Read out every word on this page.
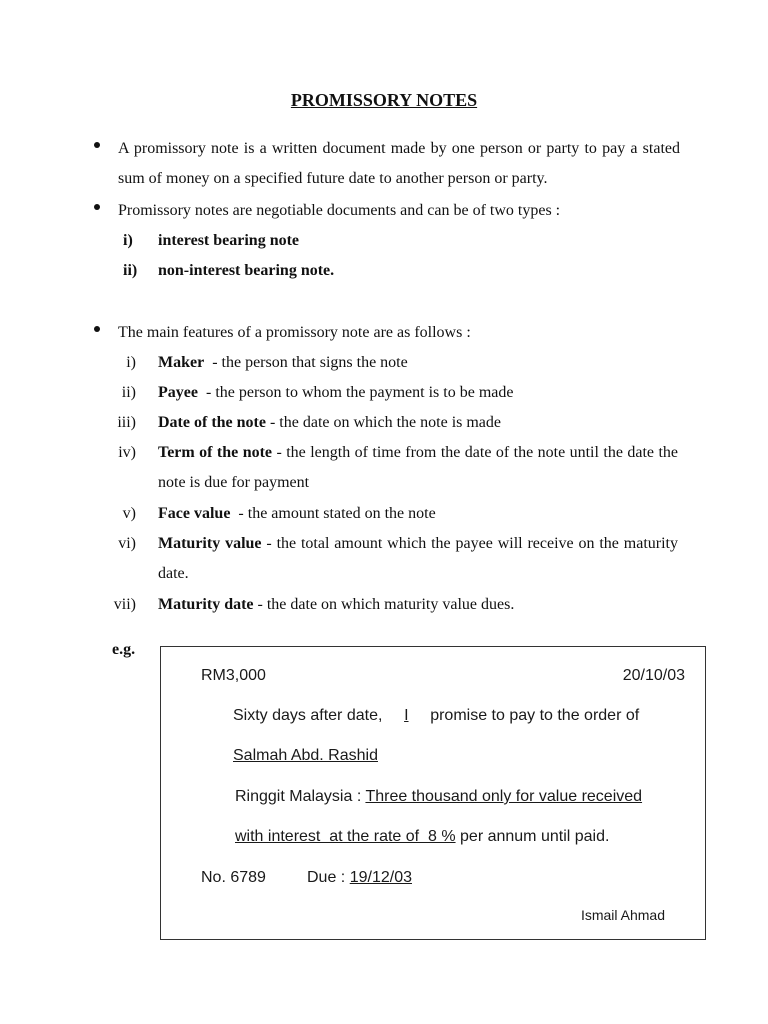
PROMISSORY NOTES
A promissory note is a written document made by one person or party to pay a stated sum of money on a specified future date to another person or party.
Promissory notes are negotiable documents and can be of two types :
i) interest bearing note
ii) non-interest bearing note.
The main features of a promissory note are as follows :
i) Maker  - the person that signs the note
ii) Payee  - the person to whom the payment is to be made
iii) Date of the note - the date on which the note is made
iv) Term of the note - the length of time from the date of the note until the date the note is due for payment
v) Face value  - the amount stated on the note
vi) Maturity value - the total amount which the payee will receive on the maturity date.
vii) Maturity date - the date on which maturity value dues.
e.g.
RM3,000	20/10/03
Sixty days after date, I promise to pay to the order of
Salmah Abd. Rashid
Ringgit Malaysia : Three thousand only for value received
with interest  at the rate of  8 % per annum until paid.
No. 6789	Due : 19/12/03
Ismail Ahmad
